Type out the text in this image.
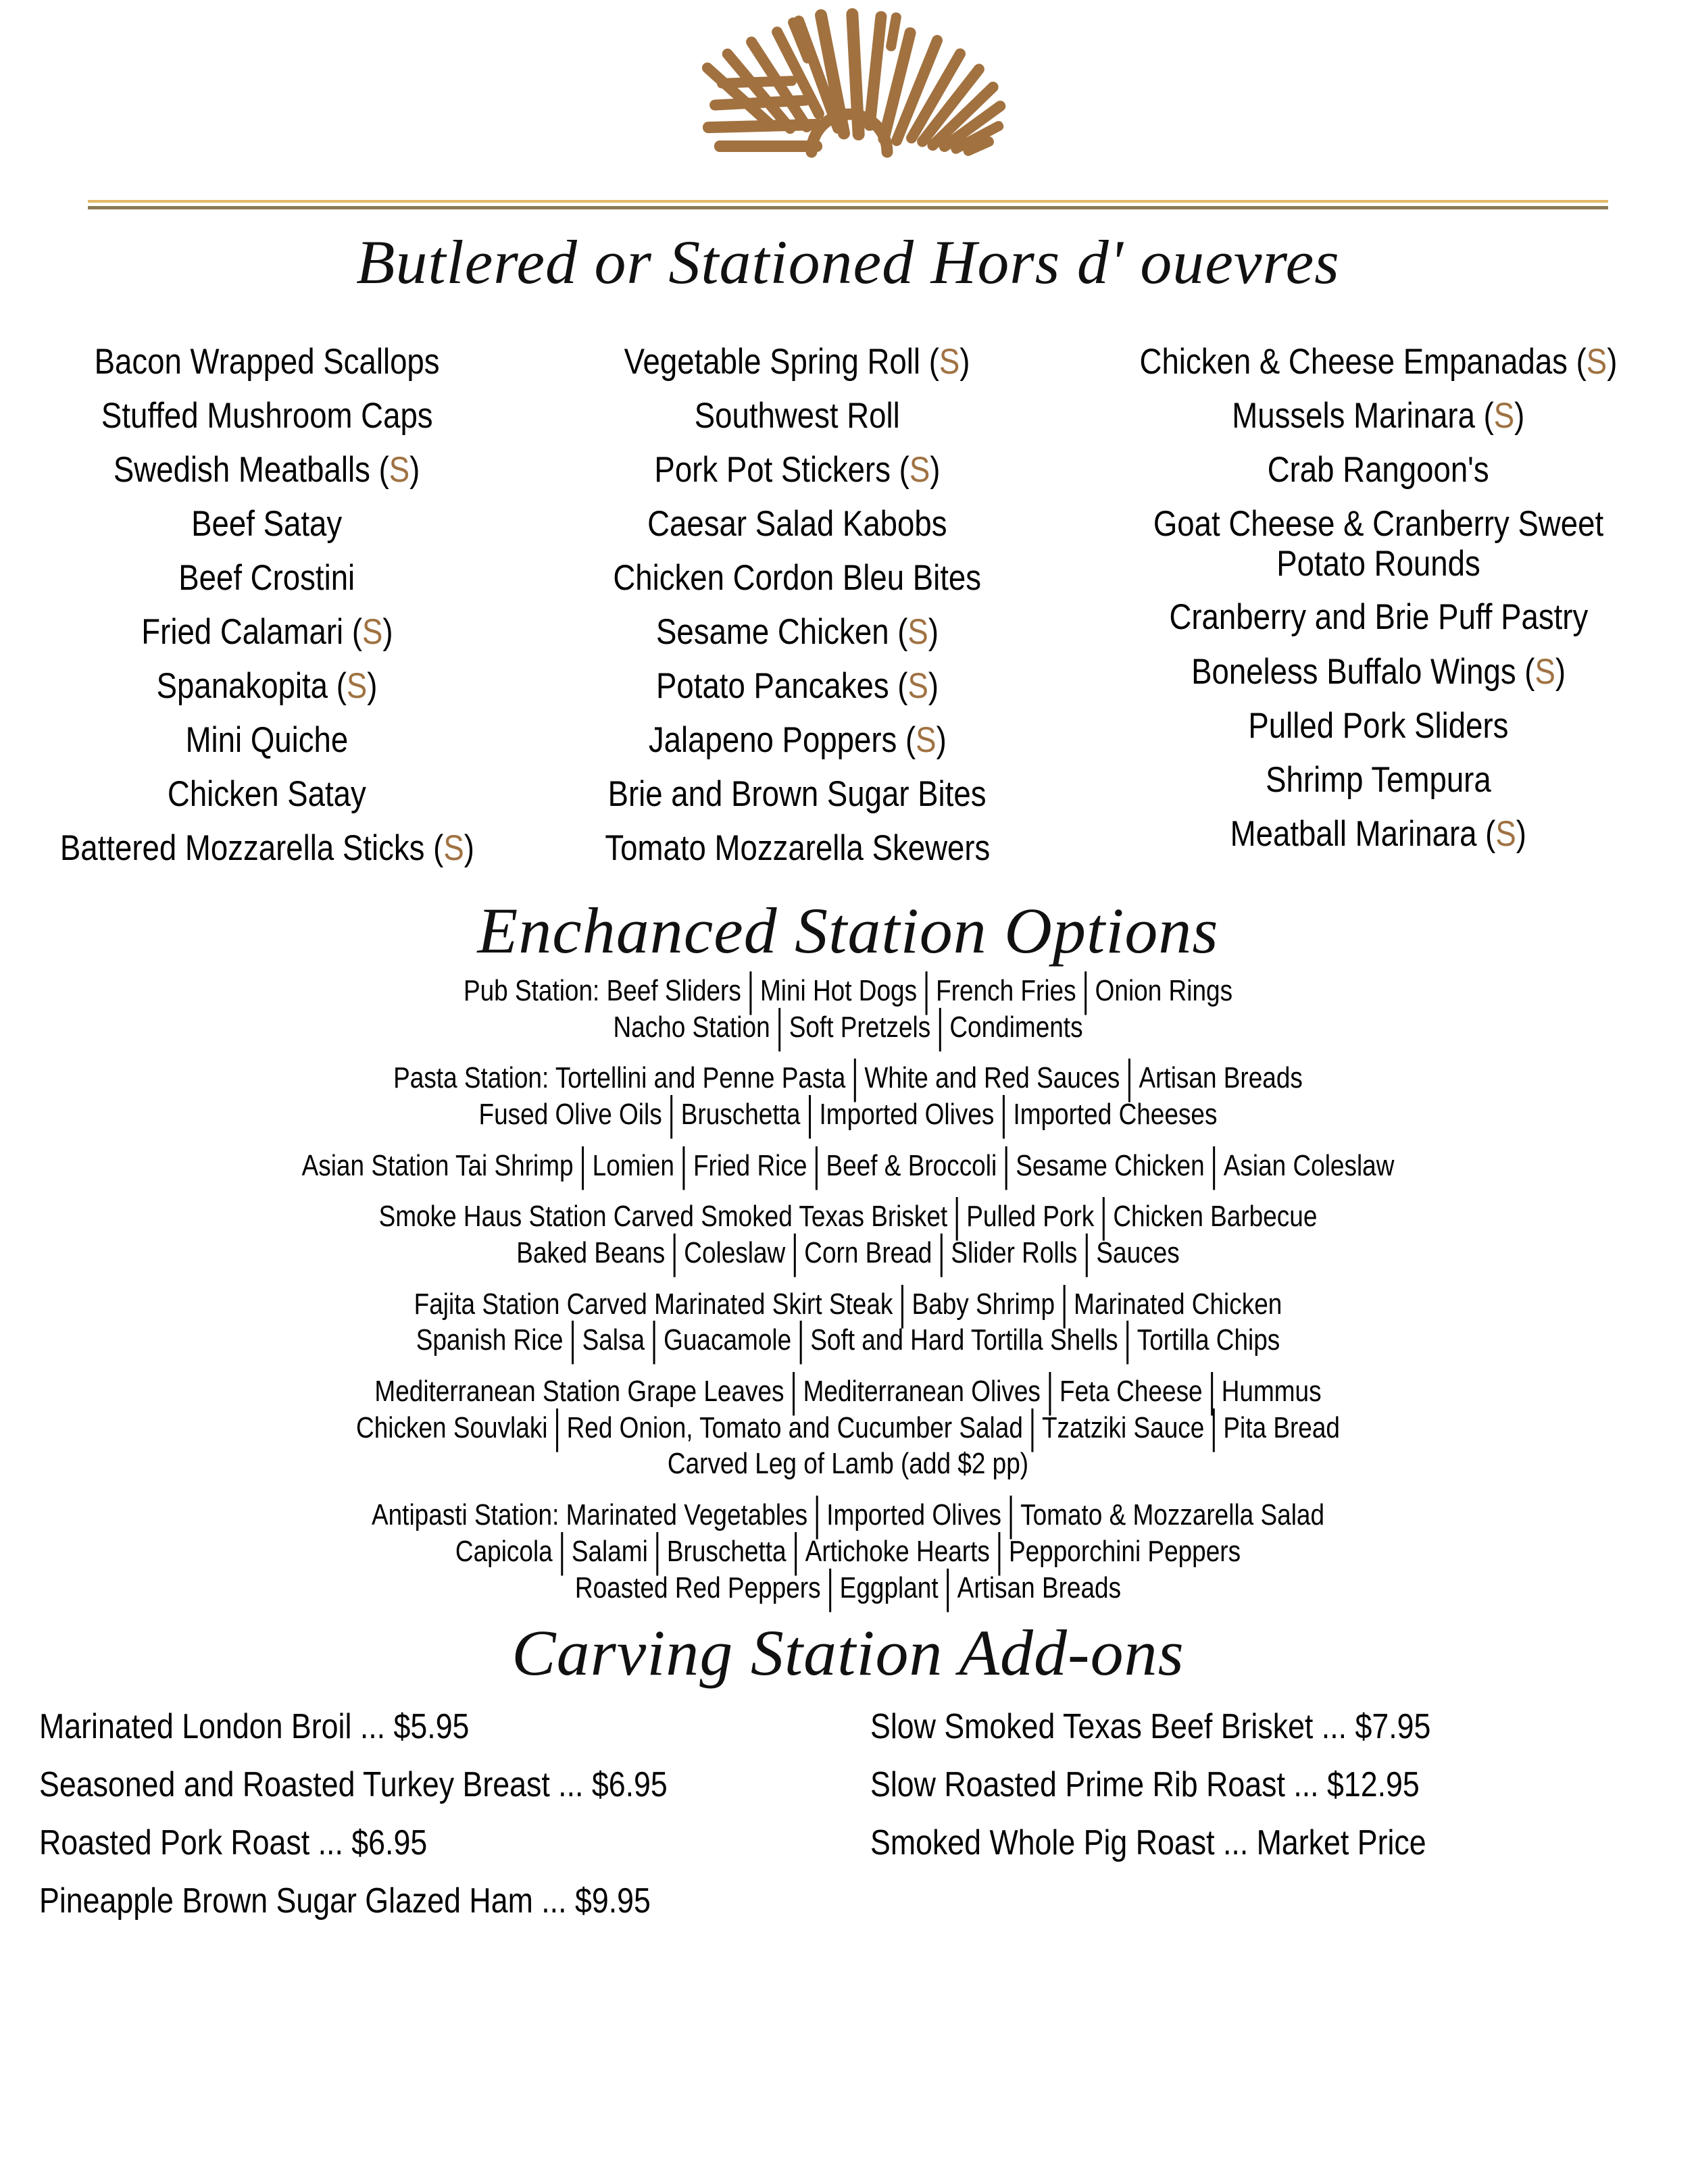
Butlered or Stationed Hors d' ouevres
Bacon Wrapped Scallops
Stuffed Mushroom Caps
Swedish Meatballs (S)
Beef Satay
Beef Crostini
Fried Calamari (S)
Spanakopita (S)
Mini Quiche
Chicken Satay
Battered Mozzarella Sticks (S)
Vegetable Spring Roll (S)
Southwest Roll
Pork Pot Stickers (S)
Caesar Salad Kabobs
Chicken Cordon Bleu Bites
Sesame Chicken (S)
Potato Pancakes (S)
Jalapeno Poppers (S)
Brie and Brown Sugar Bites
Tomato Mozzarella Skewers
Chicken & Cheese Empanadas (S)
Mussels Marinara (S)
Crab Rangoon's
Goat Cheese & Cranberry Sweet Potato Rounds
Cranberry and Brie Puff Pastry
Boneless Buffalo Wings (S)
Pulled Pork Sliders
Shrimp Tempura
Meatball Marinara (S)
Enchanced Station Options
Pub Station: Beef Sliders | Mini Hot Dogs | French Fries | Onion Rings
Nacho Station | Soft Pretzels | Condiments
Pasta Station: Tortellini and Penne Pasta | White and Red Sauces | Artisan Breads
Fused Olive Oils | Bruschetta | Imported Olives | Imported Cheeses
Asian Station Tai Shrimp | Lomien | Fried Rice | Beef & Broccoli | Sesame Chicken | Asian Coleslaw
Smoke Haus Station Carved Smoked Texas Brisket | Pulled Pork | Chicken Barbecue
Baked Beans | Coleslaw | Corn Bread | Slider Rolls | Sauces
Fajita Station Carved Marinated Skirt Steak | Baby Shrimp | Marinated Chicken
Spanish Rice | Salsa | Guacamole | Soft and Hard Tortilla Shells | Tortilla Chips
Mediterranean Station Grape Leaves | Mediterranean Olives | Feta Cheese | Hummus
Chicken Souvlaki | Red Onion, Tomato and Cucumber Salad | Tzatziki Sauce | Pita Bread
Carved Leg of Lamb (add $2 pp)
Antipasti Station: Marinated Vegetables | Imported Olives | Tomato & Mozzarella Salad
Capicola | Salami | Bruschetta | Artichoke Hearts | Pepporchini Peppers
Roasted Red Peppers | Eggplant | Artisan Breads
Carving Station Add-ons
Marinated London Broil ... $5.95
Seasoned and Roasted Turkey Breast ... $6.95
Roasted Pork Roast ... $6.95
Pineapple Brown Sugar Glazed Ham ... $9.95
Slow Smoked Texas Beef Brisket ... $7.95
Slow Roasted Prime Rib Roast ... $12.95
Smoked Whole Pig Roast ... Market Price
